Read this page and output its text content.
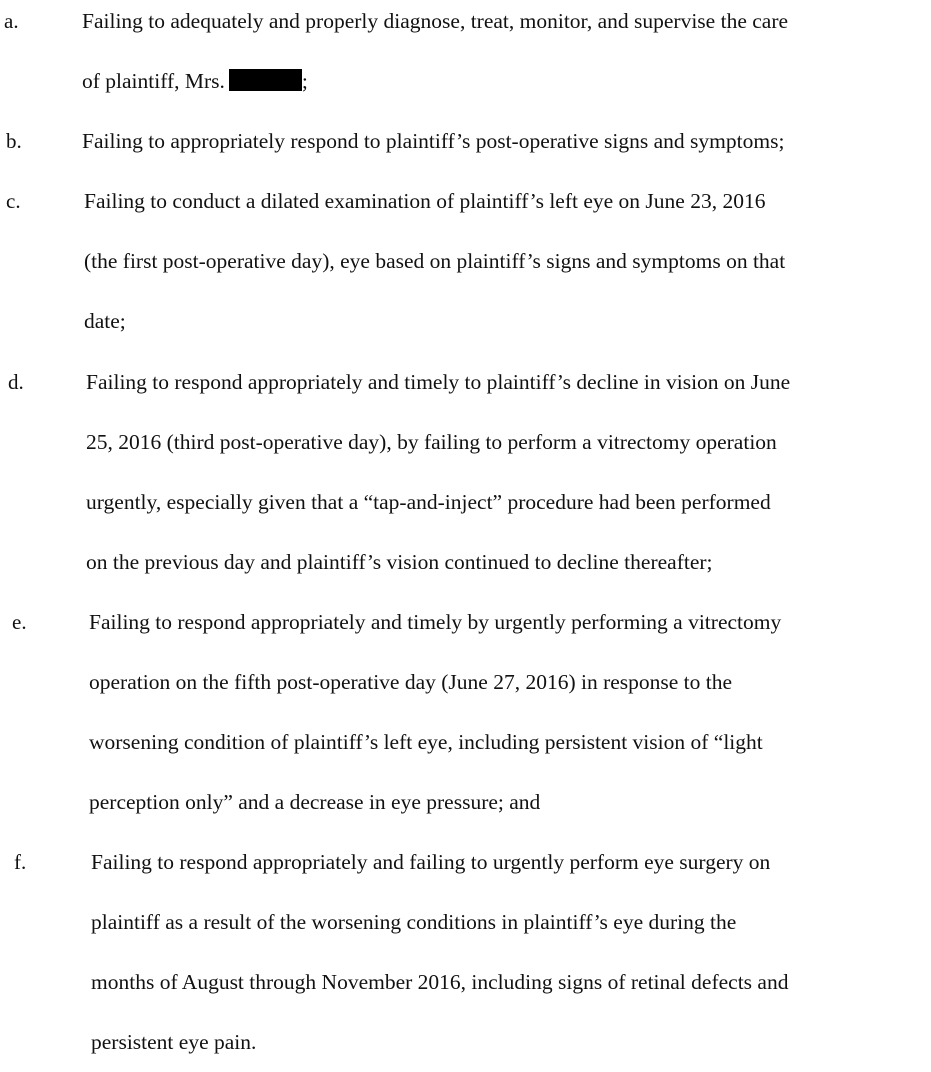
a.	Failing to adequately and properly diagnose, treat, monitor, and supervise the care
of plaintiff, Mrs.	;
b.	Failing to appropriately respond to plaintiff’s post-operative signs and symptoms;
c.	Failing to conduct a dilated examination of plaintiff’s left eye on June 23, 2016
(the first post-operative day), eye based on plaintiff’s signs and symptoms on that
date;
d.	Failing to respond appropriately and timely to plaintiff’s decline in vision on June
25, 2016 (third post-operative day), by failing to perform a vitrectomy operation
urgently, especially given that a “tap-and-inject” procedure had been performed
on the previous day and plaintiff’s vision continued to decline thereafter;
e.	Failing to respond appropriately and timely by urgently performing a vitrectomy
operation on the fifth post-operative day (June 27, 2016) in response to the
worsening condition of plaintiff’s left eye, including persistent vision of “light
perception only” and a decrease in eye pressure; and
f.	Failing to respond appropriately and failing to urgently perform eye surgery on
plaintiff as a result of the worsening conditions in plaintiff’s eye during the
months of August through November 2016, including signs of retinal defects and
persistent eye pain.
